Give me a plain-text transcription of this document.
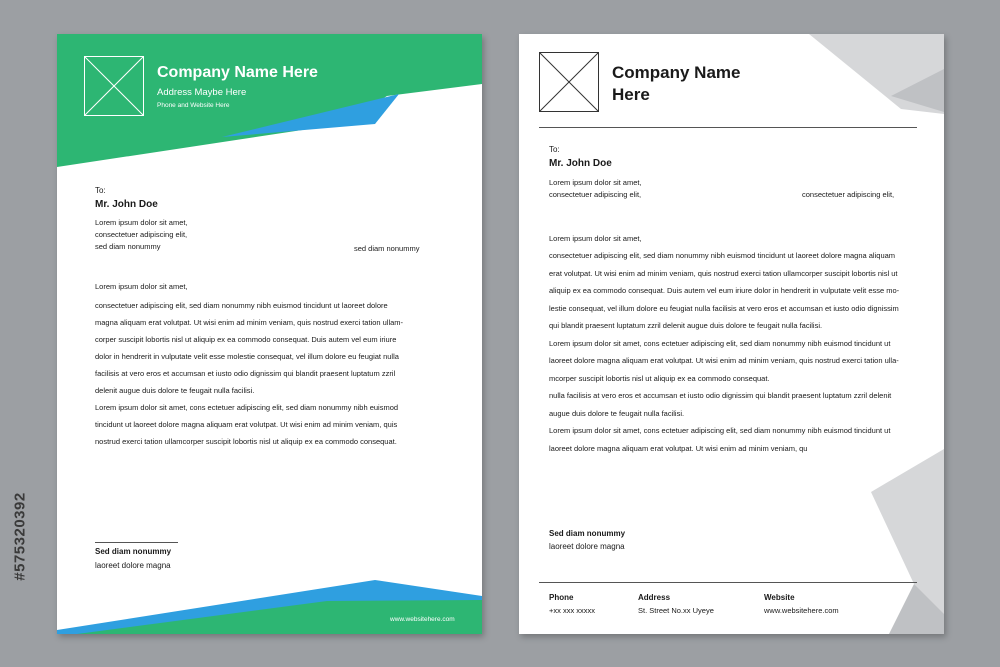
Company Name Here
Address Maybe Here
Phone and Website Here
To:
Mr. John Doe
Lorem ipsum dolor sit amet,
consectetuer adipiscing elit,
sed diam nonummy	sed diam nonummy
Lorem ipsum dolor sit amet,
consectetuer adipiscing elit, sed diam nonummy nibh euismod tincidunt ut laoreet dolore
magna aliquam erat volutpat. Ut wisi enim ad minim veniam, quis nostrud exerci tation ullam-
corper suscipit lobortis nisl ut aliquip ex ea commodo consequat. Duis autem vel eum iriure
dolor in hendrerit in vulputate velit esse molestie consequat, vel illum dolore eu feugiat nulla
facilisis at vero eros et accumsan et iusto odio dignissim qui blandit praesent luptatum zzril
delenit augue duis dolore te feugait nulla facilisi.
Lorem ipsum dolor sit amet, cons ectetuer adipiscing elit, sed diam nonummy nibh euismod
tincidunt ut laoreet dolore magna aliquam erat volutpat. Ut wisi enim ad minim veniam, quis
nostrud exerci tation ullamcorper suscipit lobortis nisl ut aliquip ex ea commodo consequat.
Sed diam nonummy
laoreet dolore magna
www.websitehere.com
Company Name Here
To:
Mr. John Doe
Lorem ipsum dolor sit amet,
consectetuer adipiscing elit,	consectetuer adipiscing elit,
Lorem ipsum dolor sit amet,
consectetuer adipiscing elit, sed diam nonummy nibh euismod tincidunt ut laoreet dolore magna aliquam
erat volutpat. Ut wisi enim ad minim veniam, quis nostrud exerci tation ullamcorper suscipit lobortis nisl ut
aliquip ex ea commodo consequat. Duis autem vel eum iriure dolor in hendrerit in vulputate velit esse mo-
lestie consequat, vel illum dolore eu feugiat nulla facilisis at vero eros et accumsan et iusto odio dignissim
qui blandit praesent luptatum zzril delenit augue duis dolore te feugait nulla facilisi.
Lorem ipsum dolor sit amet, cons ectetuer adipiscing elit, sed diam nonummy nibh euismod tincidunt ut
laoreet dolore magna aliquam erat volutpat. Ut wisi enim ad minim veniam, quis nostrud exerci tation ulla-
mcorper suscipit lobortis nisl ut aliquip ex ea commodo consequat.
nulla facilisis at vero eros et accumsan et iusto odio dignissim qui blandit praesent luptatum zzril delenit
augue duis dolore te feugait nulla facilisi.
Lorem ipsum dolor sit amet, cons ectetuer adipiscing elit, sed diam nonummy nibh euismod tincidunt ut
laoreet dolore magna aliquam erat volutpat. Ut wisi enim ad minim veniam, qu
Sed diam nonummy
laoreet dolore magna
Phone
+xx xxx xxxxx
Address
St. Street No.xx Uyeye
Website
www.websitehere.com
#575320392
